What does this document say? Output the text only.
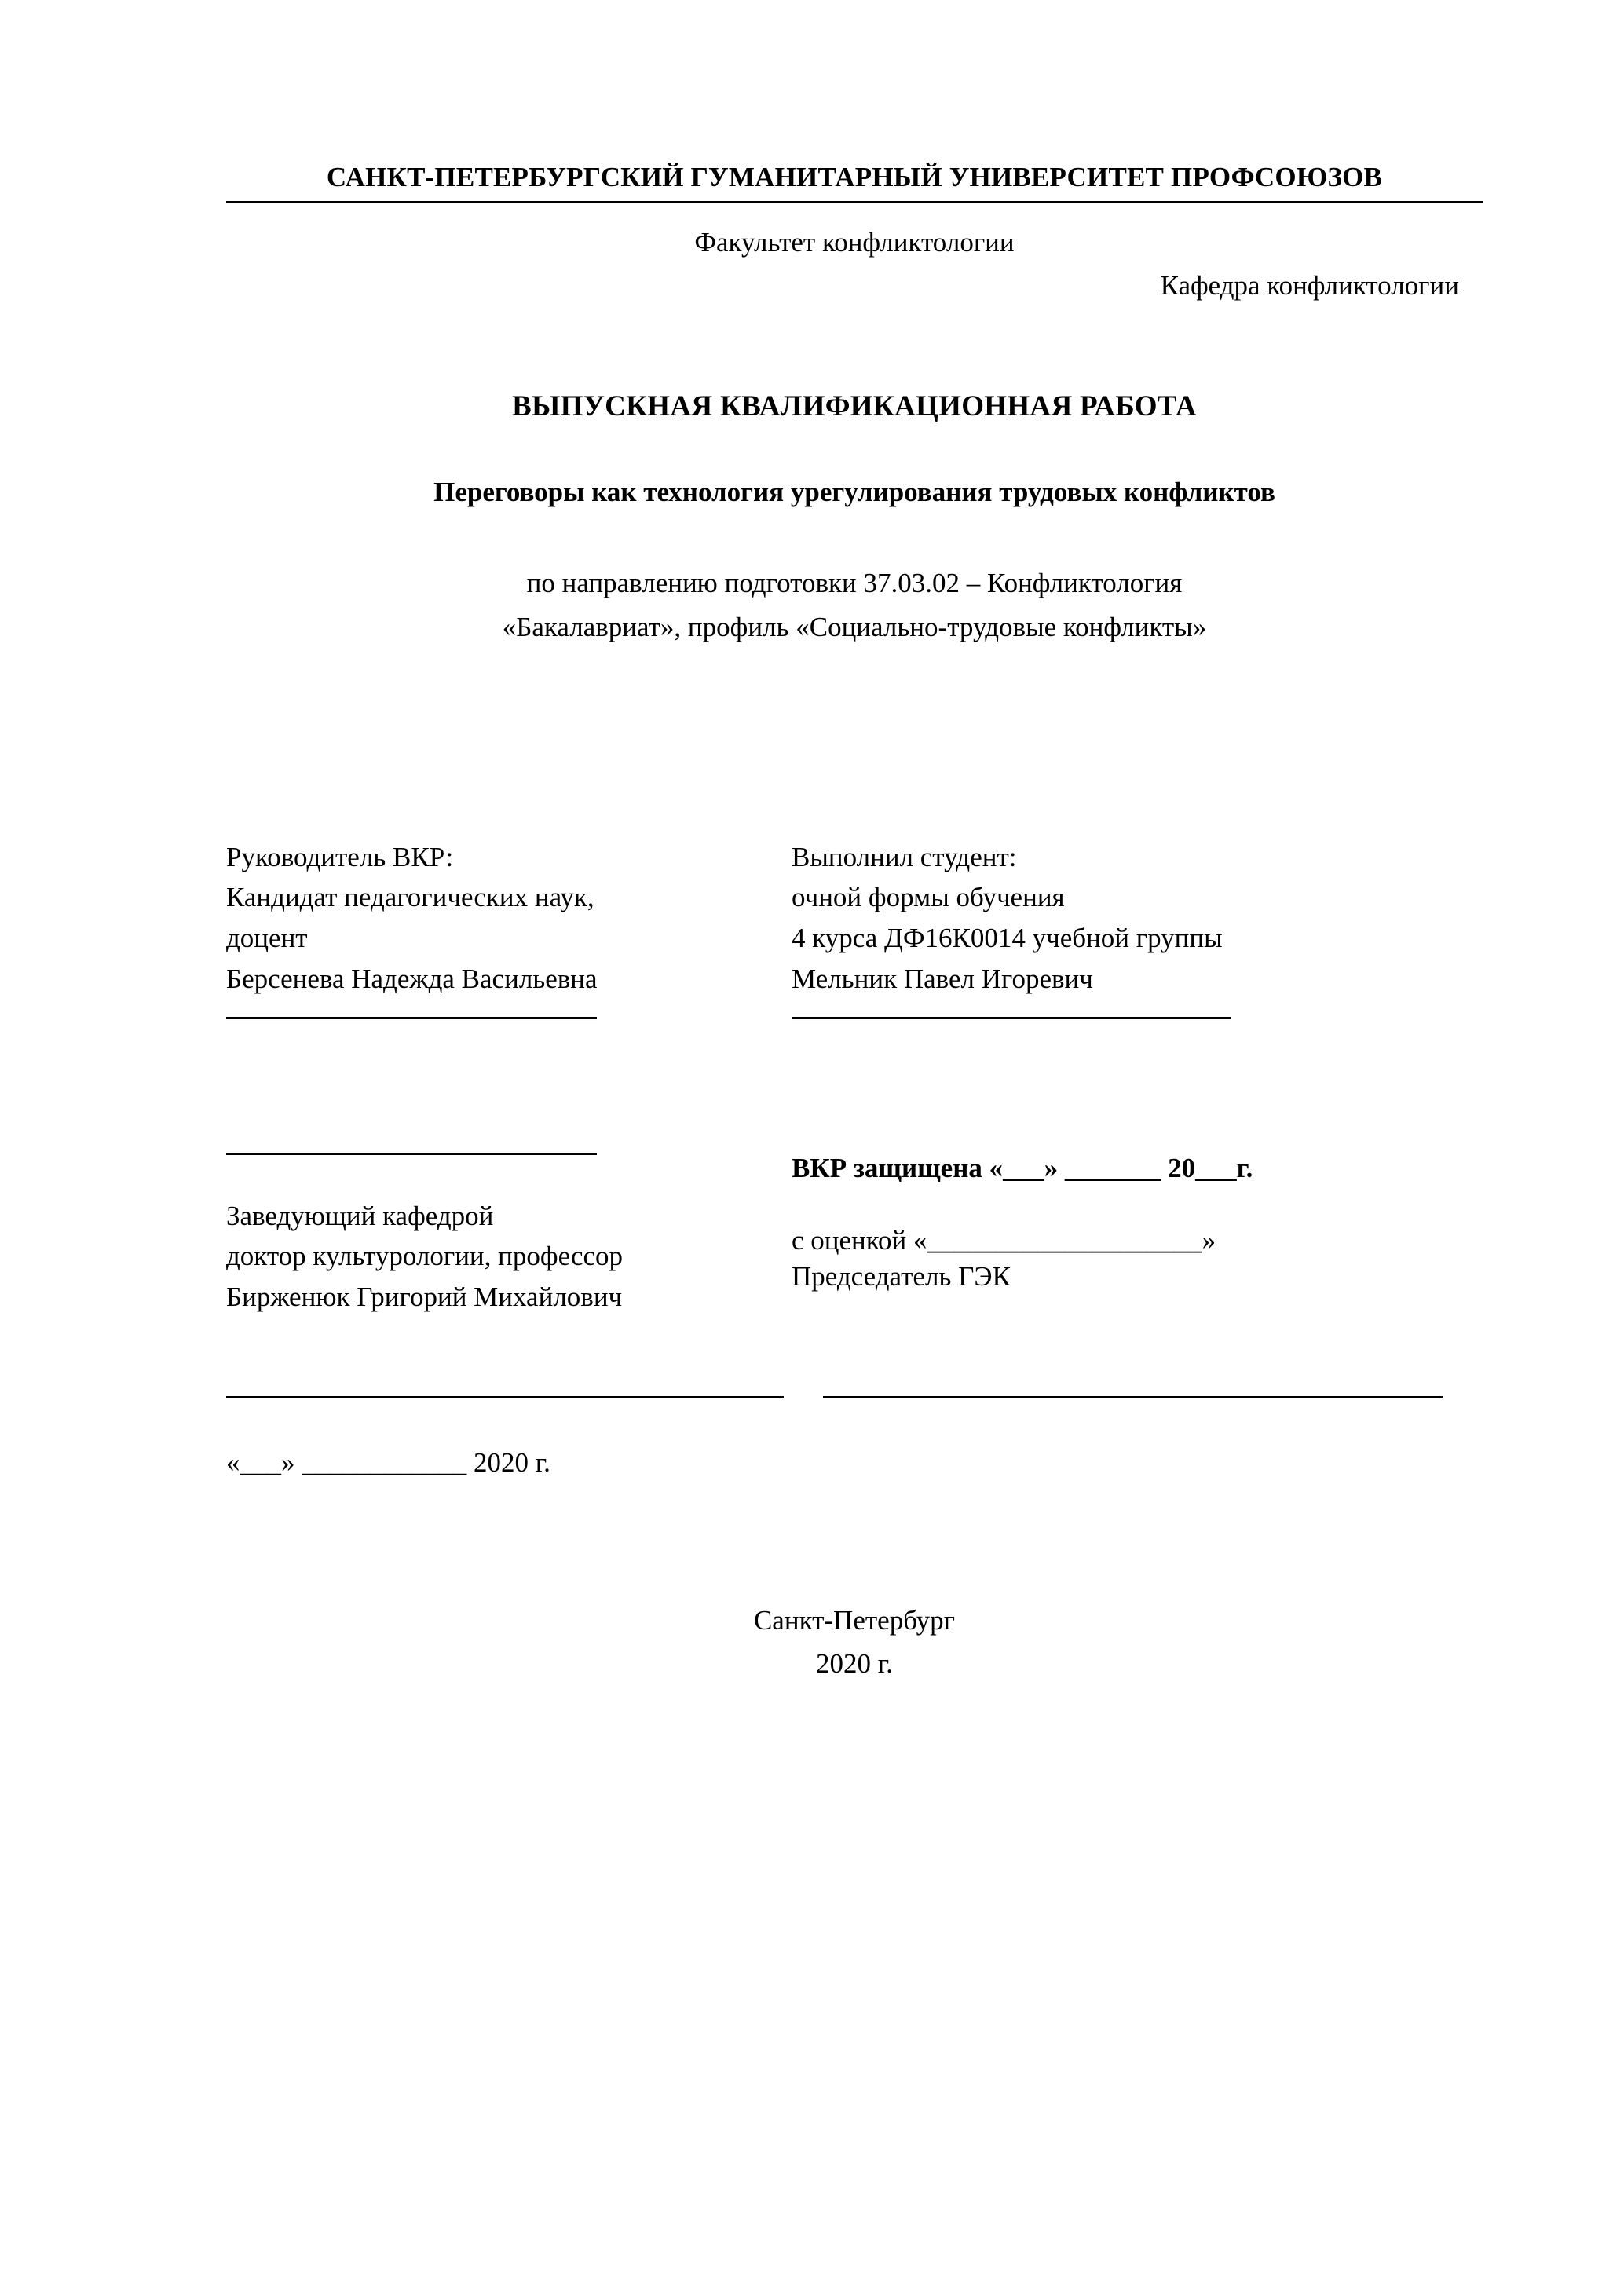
САНКТ-ПЕТЕРБУРГСКИЙ ГУМАНИТАРНЫЙ УНИВЕРСИТЕТ ПРОФСОЮЗОВ
Факультет конфликтологии
Кафедра конфликтологии
ВЫПУСКНАЯ КВАЛИФИКАЦИОННАЯ РАБОТА
Переговоры как технология урегулирования трудовых конфликтов
по направлению подготовки 37.03.02 – Конфликтология
«Бакалавриат», профиль «Социально-трудовые конфликты»
Руководитель ВКР:
Кандидат педагогических наук,
доцент
Берсенева Надежда Васильевна
Выполнил студент:
очной формы обучения
4 курса ДФ16К0014 учебной группы
Мельник Павел Игоревич
Заведующий кафедрой
доктор культурологии, профессор
Бирженюк Григорий Михайлович
ВКР защищена «___» _______ 20___г.
с оценкой «____________________»
Председатель ГЭК
«___» ____________ 2020 г.
Санкт-Петербург
2020 г.
